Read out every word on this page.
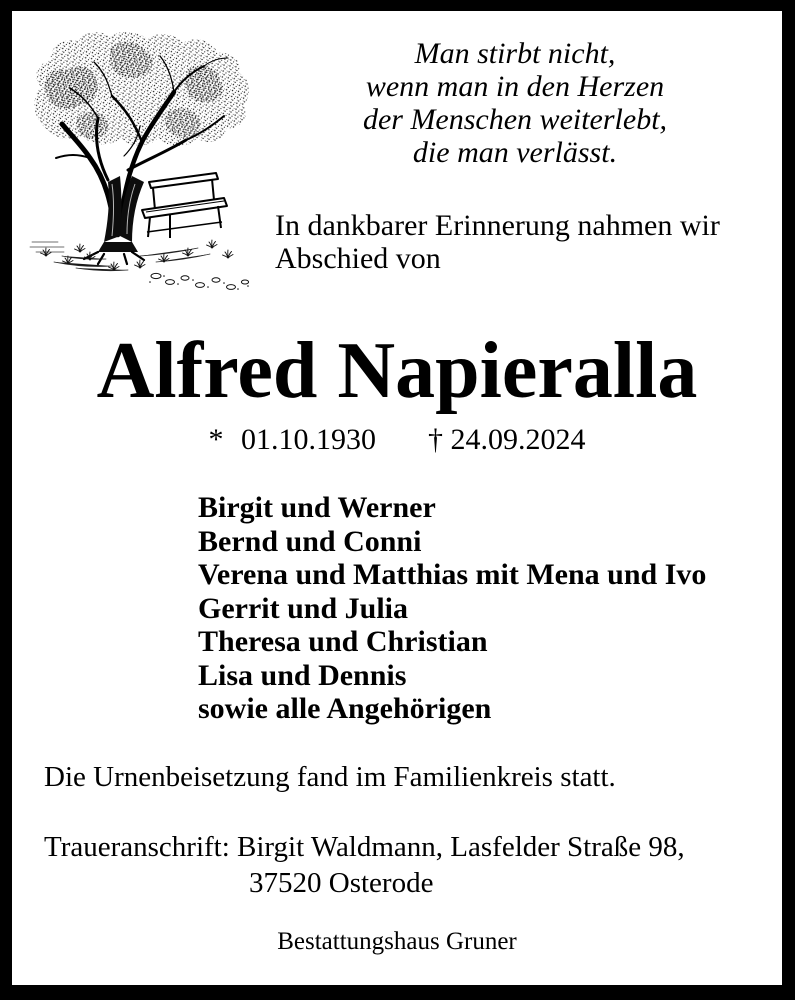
Man stirbt nicht,
wenn man in den Herzen
der Menschen weiterlebt,
die man verlässt.
In dankbarer Erinnerung nahmen wir
Abschied von
Alfred Napieralla
* 01.10.1930 † 24.09.2024
Birgit und Werner
Bernd und Conni
Verena und Matthias mit Mena und Ivo
Gerrit und Julia
Theresa und Christian
Lisa und Dennis
sowie alle Angehörigen
Die Urnenbeisetzung fand im Familienkreis statt.
Traueranschrift: Birgit Waldmann, Lasfelder Straße 98,
37520 Osterode
Bestattungshaus Gruner
